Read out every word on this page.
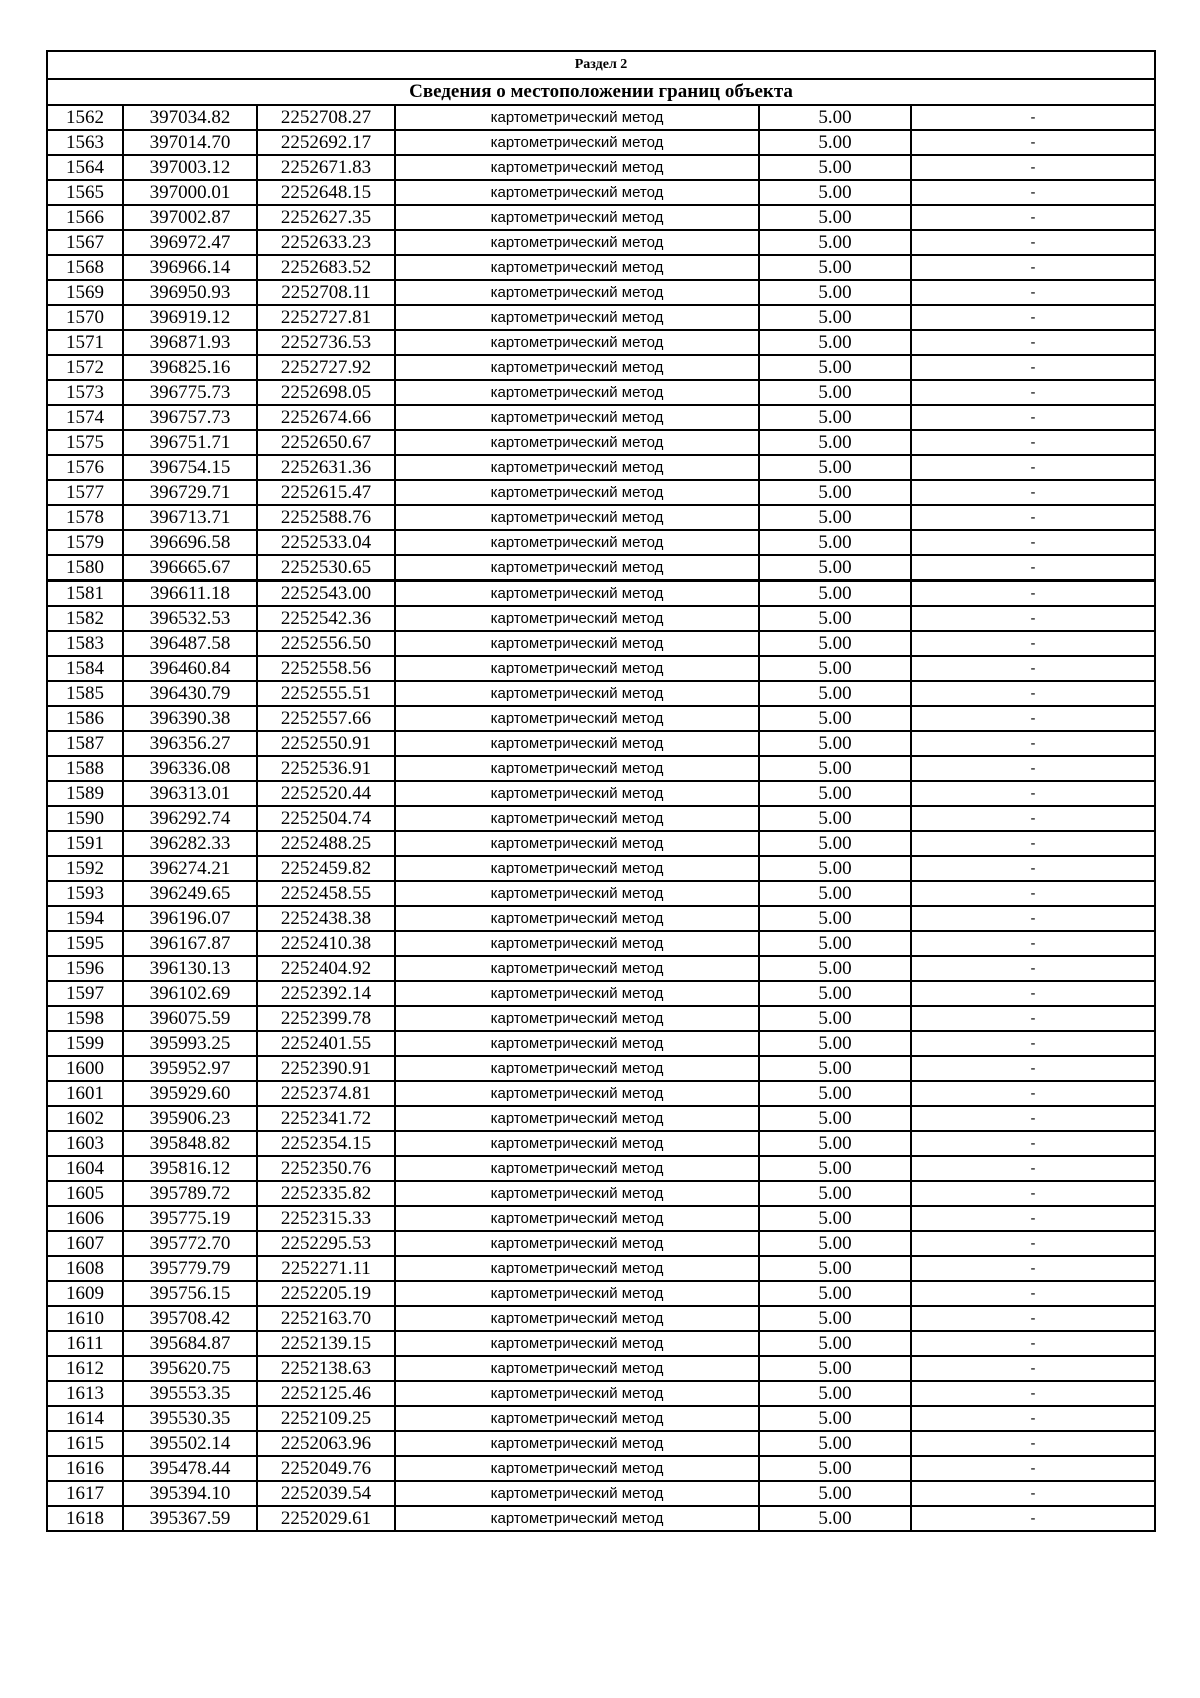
Раздел 2					
Сведения о местоположении границ объекта					
1562	397034.82	2252708.27	картометрический метод	5.00	-
1563	397014.70	2252692.17	картометрический метод	5.00	-
1564	397003.12	2252671.83	картометрический метод	5.00	-
1565	397000.01	2252648.15	картометрический метод	5.00	-
1566	397002.87	2252627.35	картометрический метод	5.00	-
1567	396972.47	2252633.23	картометрический метод	5.00	-
1568	396966.14	2252683.52	картометрический метод	5.00	-
1569	396950.93	2252708.11	картометрический метод	5.00	-
1570	396919.12	2252727.81	картометрический метод	5.00	-
1571	396871.93	2252736.53	картометрический метод	5.00	-
1572	396825.16	2252727.92	картометрический метод	5.00	-
1573	396775.73	2252698.05	картометрический метод	5.00	-
1574	396757.73	2252674.66	картометрический метод	5.00	-
1575	396751.71	2252650.67	картометрический метод	5.00	-
1576	396754.15	2252631.36	картометрический метод	5.00	-
1577	396729.71	2252615.47	картометрический метод	5.00	-
1578	396713.71	2252588.76	картометрический метод	5.00	-
1579	396696.58	2252533.04	картометрический метод	5.00	-
1580	396665.67	2252530.65	картометрический метод	5.00	-
1581	396611.18	2252543.00	картометрический метод	5.00	-
1582	396532.53	2252542.36	картометрический метод	5.00	-
1583	396487.58	2252556.50	картометрический метод	5.00	-
1584	396460.84	2252558.56	картометрический метод	5.00	-
1585	396430.79	2252555.51	картометрический метод	5.00	-
1586	396390.38	2252557.66	картометрический метод	5.00	-
1587	396356.27	2252550.91	картометрический метод	5.00	-
1588	396336.08	2252536.91	картометрический метод	5.00	-
1589	396313.01	2252520.44	картометрический метод	5.00	-
1590	396292.74	2252504.74	картометрический метод	5.00	-
1591	396282.33	2252488.25	картометрический метод	5.00	-
1592	396274.21	2252459.82	картометрический метод	5.00	-
1593	396249.65	2252458.55	картометрический метод	5.00	-
1594	396196.07	2252438.38	картометрический метод	5.00	-
1595	396167.87	2252410.38	картометрический метод	5.00	-
1596	396130.13	2252404.92	картометрический метод	5.00	-
1597	396102.69	2252392.14	картометрический метод	5.00	-
1598	396075.59	2252399.78	картометрический метод	5.00	-
1599	395993.25	2252401.55	картометрический метод	5.00	-
1600	395952.97	2252390.91	картометрический метод	5.00	-
1601	395929.60	2252374.81	картометрический метод	5.00	-
1602	395906.23	2252341.72	картометрический метод	5.00	-
1603	395848.82	2252354.15	картометрический метод	5.00	-
1604	395816.12	2252350.76	картометрический метод	5.00	-
1605	395789.72	2252335.82	картометрический метод	5.00	-
1606	395775.19	2252315.33	картометрический метод	5.00	-
1607	395772.70	2252295.53	картометрический метод	5.00	-
1608	395779.79	2252271.11	картометрический метод	5.00	-
1609	395756.15	2252205.19	картометрический метод	5.00	-
1610	395708.42	2252163.70	картометрический метод	5.00	-
1611	395684.87	2252139.15	картометрический метод	5.00	-
1612	395620.75	2252138.63	картометрический метод	5.00	-
1613	395553.35	2252125.46	картометрический метод	5.00	-
1614	395530.35	2252109.25	картометрический метод	5.00	-
1615	395502.14	2252063.96	картометрический метод	5.00	-
1616	395478.44	2252049.76	картометрический метод	5.00	-
1617	395394.10	2252039.54	картометрический метод	5.00	-
1618	395367.59	2252029.61	картометрический метод	5.00	-
